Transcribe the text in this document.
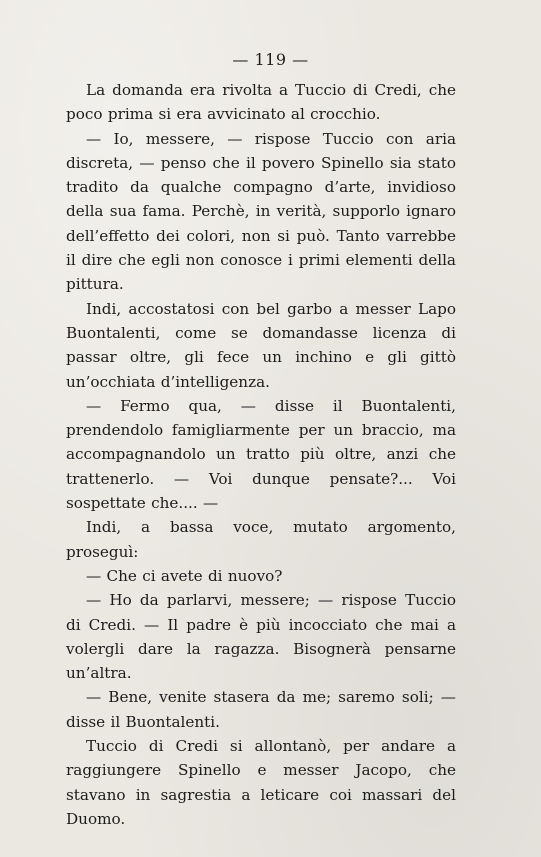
— 119 —

La domanda era rivolta a Tuccio di Credi, che poco prima si era avvicinato al crocchio.

— Io, messere, — rispose Tuccio con aria discreta, — penso che il povero Spinello sia stato tradito da qualche compagno d’arte, invidioso della sua fama. Perchè, in verità, supporlo ignaro dell’effetto dei colori, non si può. Tanto varrebbe il dire che egli non conosce i primi elementi della pittura.

Indi, accostatosi con bel garbo a messer Lapo Buontalenti, come se domandasse licenza di passar oltre, gli fece un inchino e gli gittò un’occhiata d’intelligenza.

— Fermo qua, — disse il Buontalenti, prendendolo famigliarmente per un braccio, ma accompagnandolo un tratto più oltre, anzi che trattenerlo. — Voi dunque pensate?... Voi sospettate che.... —

Indi, a bassa voce, mutato argomento, proseguì:

— Che ci avete di nuovo?

— Ho da parlarvi, messere; — rispose Tuccio di Credi. — Il padre è più incocciato che mai a volergli dare la ragazza. Bisognerà pensarne un’altra.

— Bene, venite stasera da me; saremo soli; — disse il Buontalenti.

Tuccio di Credi si allontanò, per andare a raggiungere Spinello e messer Jacopo, che stavano in sagrestia a leticare coi massari del Duomo.
